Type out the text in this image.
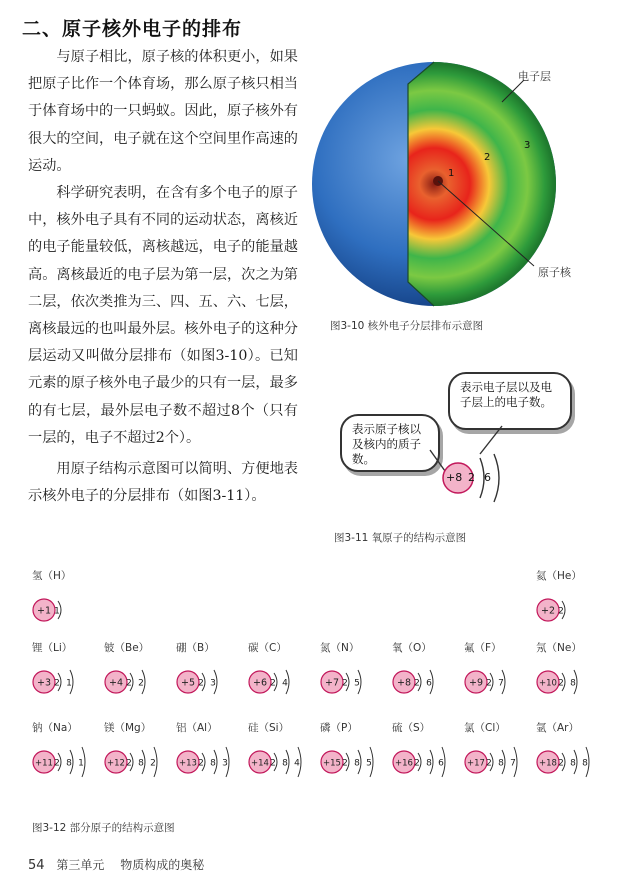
二、原子核外电子的排布

与原子相比，原子核的体积更小，如果把原子比作一个体育场，那么原子核只相当于体育场中的一只蚂蚁。因此，原子核外有很大的空间，电子就在这个空间里作高速的运动。

科学研究表明，在含有多个电子的原子中，核外电子具有不同的运动状态，离核近的电子能量较低，离核越远，电子的能量越高。离核最近的电子层为第一层，次之为第二层，依次类推为三、四、五、六、七层，离核最远的也叫最外层。核外电子的这种分层运动又叫做分层排布（如图3-10）。已知元素的原子核外电子最少的只有一层，最多的有七层，最外层电子数不超过8个（只有一层的，电子不超过2个）。

用原子结构示意图可以简明、方便地表示核外电子的分层排布（如图3-11）。

电子层
原子核
1
2
3
图3-10 核外电子分层排布示意图
表示电子层以及电子层上的电子数。
表示原子核以及核内的质子数。
+8 2 6
图3-11 氧原子的结构示意图
氢（H）
+1 1
氦（He）
+2 2
锂（Li）
+3 2 1
铍（Be）
+4 2 2
硼（B）
+5 2 3
碳（C）
+6 2 4
氮（N）
+7 2 5
氧（O）
+8 2 6
氟（F）
+9 2 7
氖（Ne）
+10 2 8
钠（Na）
+11 2 8 1
镁（Mg）
+12 2 8 2
铝（Al）
+13 2 8 3
硅（Si）
+14 2 8 4
磷（P）
+15 2 8 5
硫（S）
+16 2 8 6
氯（Cl）
+17 2 8 7
氩（Ar）
+18 2 8 8
图3-12 部分原子的结构示意图
54 第三单元 物质构成的奥秘
